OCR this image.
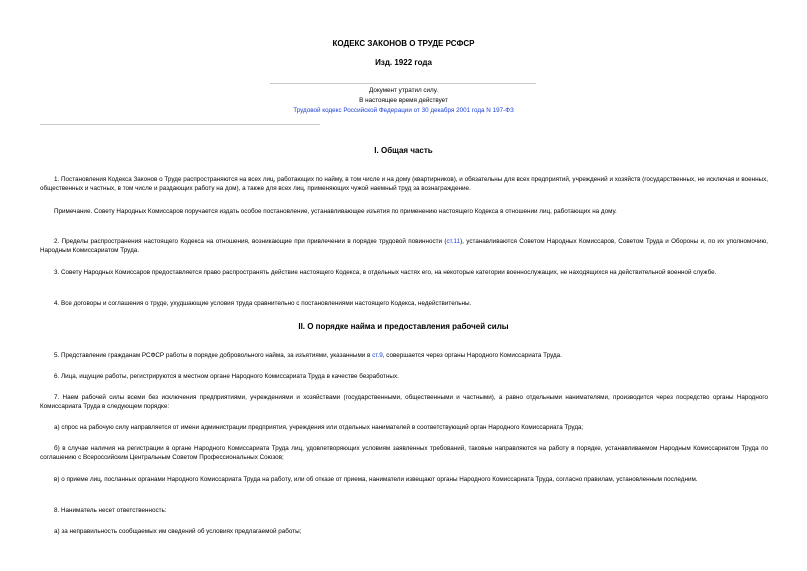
КОДЕКС ЗАКОНОВ О ТРУДЕ РСФСР
Изд. 1922 года
Документ утратил силу.
В настоящее время действует
Трудовой кодекс Российской Федерации от 30 декабря 2001 года N 197-ФЗ
I. Общая часть

1. Постановления Кодекса Законов о Труде распространяются на всех лиц, работающих по найму, в том числе и на дому (квартирников), и обязательны для всех предприятий, учреждений и хозяйств (государственных, не исключая и военных, общественных и частных, в том числе и раздающих работу на дом), а также для всех лиц, применяющих чужой наемный труд за вознаграждение.

Примечание. Совету Народных Комиссаров поручается издать особое постановление, устанавливающее изъятия по применению настоящего Кодекса в отношении лиц, работающих на дому.

2. Пределы распространения настоящего Кодекса на отношения, возникающие при привлечении в порядке трудовой повинности (ст.11), устанавливаются Советом Народных Комиссаров, Советом Труда и Обороны и, по их уполномочию, Народным Комиссариатом Труда.

3. Совету Народных Комиссаров предоставляется право распространять действие настоящего Кодекса, в отдельных частях его, на некоторые категории военнослужащих, не находящихся на действительной военной службе.

4. Все договоры и соглашения о труде, ухудшающие условия труда сравнительно с постановлениями настоящего Кодекса, недействительны.

II. О порядке найма и предоставления рабочей силы

5. Представление гражданам РСФСР работы в порядке добровольного найма, за изъятиями, указанными в ст.9, совершается через органы Народного Комиссариата Труда.

6. Лица, ищущие работы, регистрируются в местном органе Народного Комиссариата Труда в качестве безработных.

7. Наем рабочей силы всеми без исключения предприятиями, учреждениями и хозяйствами (государственными, общественными и частными), а равно отдельными нанимателями, производится через посредство органы Народного Комиссариата Труда в следующем порядке:

а) спрос на рабочую силу направляется от имени администрации предприятия, учреждения или отдельных нанимателей в соответствующий орган Народного Комиссариата Труда;

б) в случае наличия на регистрации в органе Народного Комиссариата Труда лиц, удовлетворяющих условиям заявленных требований, таковые направляются на работу в порядке, устанавливаемом Народным Комиссариатом Труда по соглашению с Всероссийским Центральным Советом Профессиональных Союзов;

в) о приеме лиц, посланных органами Народного Комиссариата Труда на работу, или об отказе от приема, наниматели извещают органы Народного Комиссариата Труда, согласно правилам, установленным последним.

8. Наниматель несет ответственность:

а) за неправильность сообщаемых им сведений об условиях предлагаемой работы;
